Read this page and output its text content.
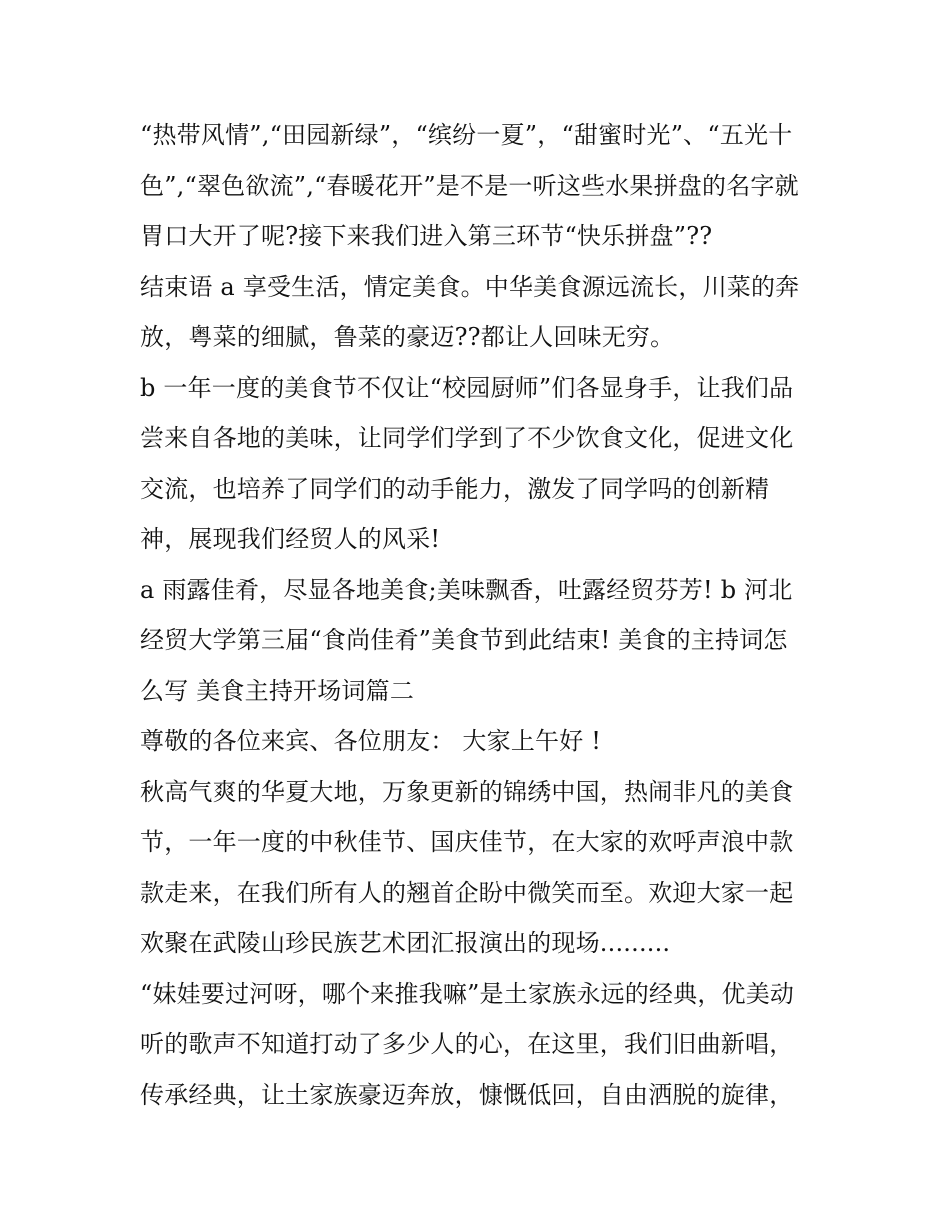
“热带风情”,“田园新绿”，“缤纷一夏”，“甜蜜时光”、“五光十
色”,“翠色欲流”,“春暖花开”是不是一听这些水果拼盘的名字就
胃口大开了呢?接下来我们进入第三环节“快乐拼盘”??
结束语 a 享受生活，情定美食。中华美食源远流长，川菜的奔
放，粤菜的细腻，鲁菜的豪迈??都让人回味无穷。
b 一年一度的美食节不仅让“校园厨师”们各显身手，让我们品
尝来自各地的美味，让同学们学到了不少饮食文化，促进文化
交流，也培养了同学们的动手能力，激发了同学吗的创新精
神，展现我们经贸人的风采!
a 雨露佳肴，尽显各地美食;美味飘香，吐露经贸芬芳! b 河北
经贸大学第三届“食尚佳肴”美食节到此结束! 美食的主持词怎
么写 美食主持开场词篇二
尊敬的各位来宾、各位朋友： 大家上午好 !
秋高气爽的华夏大地，万象更新的锦绣中国，热闹非凡的美食
节，一年一度的中秋佳节、国庆佳节，在大家的欢呼声浪中款
款走来，在我们所有人的翘首企盼中微笑而至。欢迎大家一起
欢聚在武陵山珍民族艺术团汇报演出的现场.........
“妹娃要过河呀，哪个来推我嘛”是土家族永远的经典，优美动
听的歌声不知道打动了多少人的心，在这里，我们旧曲新唱，
传承经典，让土家族豪迈奔放，慷慨低回，自由洒脱的旋律，
